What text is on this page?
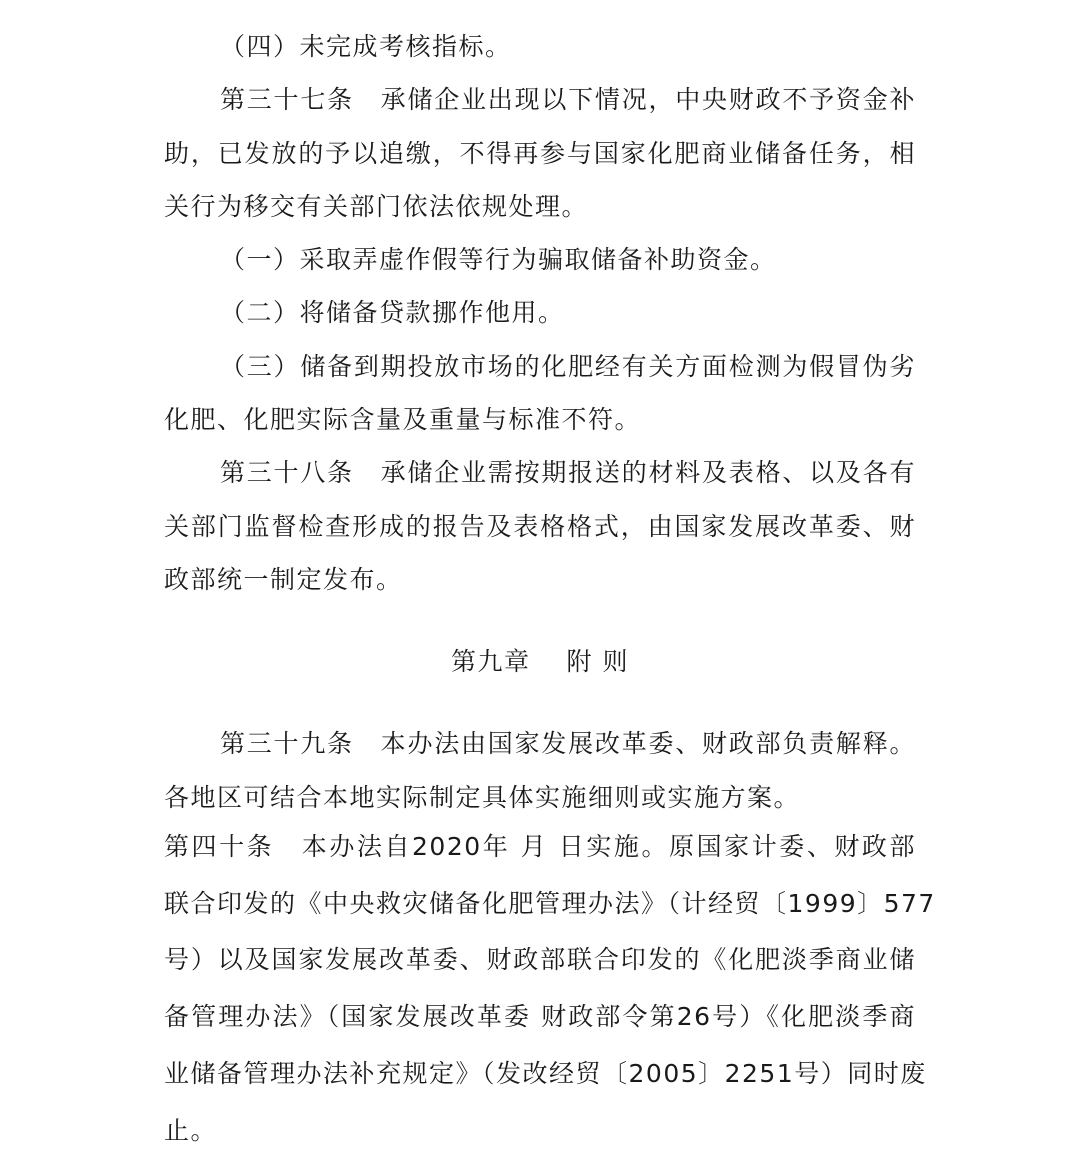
（四）未完成考核指标。
第三十七条　承储企业出现以下情况，中央财政不予资金补
助，已发放的予以追缴，不得再参与国家化肥商业储备任务，相
关行为移交有关部门依法依规处理。
（一）采取弄虚作假等行为骗取储备补助资金。
（二）将储备贷款挪作他用。
（三）储备到期投放市场的化肥经有关方面检测为假冒伪劣
化肥、化肥实际含量及重量与标准不符。
第三十八条　承储企业需按期报送的材料及表格、以及各有
关部门监督检查形成的报告及表格格式，由国家发展改革委、财
政部统一制定发布。
第九章　 附 则
第三十九条　本办法由国家发展改革委、财政部负责解释。
各地区可结合本地实际制定具体实施细则或实施方案。
第四十条　本办法自2020年 月 日实施。原国家计委、财政部
联合印发的《中央救灾储备化肥管理办法》（计经贸〔1999〕577
号）以及国家发展改革委、财政部联合印发的《化肥淡季商业储
备管理办法》（国家发展改革委 财政部令第26号）《化肥淡季商
业储备管理办法补充规定》（发改经贸〔2005〕2251号）同时废
止。
